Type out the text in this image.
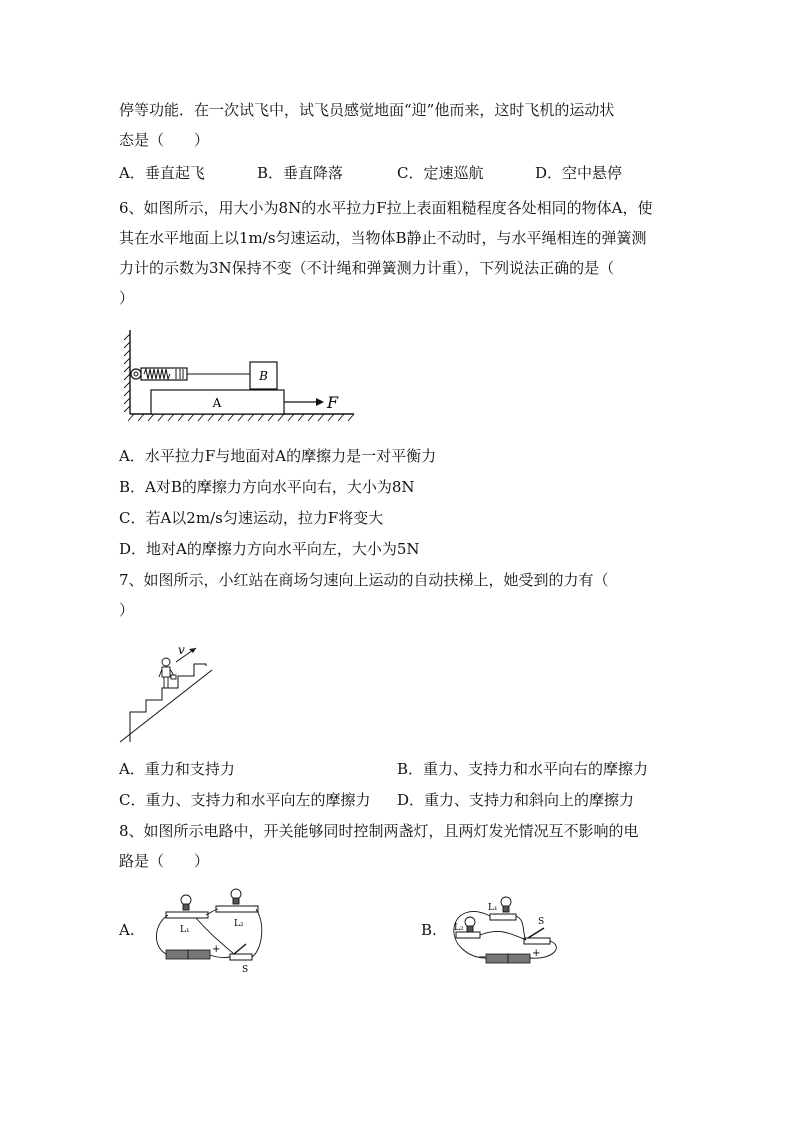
停等功能．在一次试飞中，试飞员感觉地面“迎”他而来，这时飞机的运动状
态是（　　）
A．垂直起飞	B．垂直降落	C．定速巡航	D．空中悬停
6、如图所示，用大小为8N的水平拉力F拉上表面粗糙程度各处相同的物体A，使
其在水平地面上以1m/s匀速运动，当物体B静止不动时，与水平绳相连的弹簧测
力计的示数为3N保持不变（不计绳和弹簧测力计重），下列说法正确的是（
）
B
A	F
A．水平拉力F与地面对A的摩擦力是一对平衡力
B．A对B的摩擦力方向水平向右，大小为8N
C．若A以2m/s匀速运动，拉力F将变大
D．地对A的摩擦力方向水平向左，大小为5N
7、如图所示，小红站在商场匀速向上运动的自动扶梯上，她受到的力有（
）
v
A．重力和支持力	B．重力、支持力和水平向右的摩擦力
C．重力、支持力和水平向左的摩擦力 D．重力、支持力和斜向上的摩擦力
8、如图所示电路中，开关能够同时控制两盏灯，且两灯发光情况互不影响的电
路是（　　）
A.	L₁
L₂
+
S
B.
L₁
L₂
S
−	+
